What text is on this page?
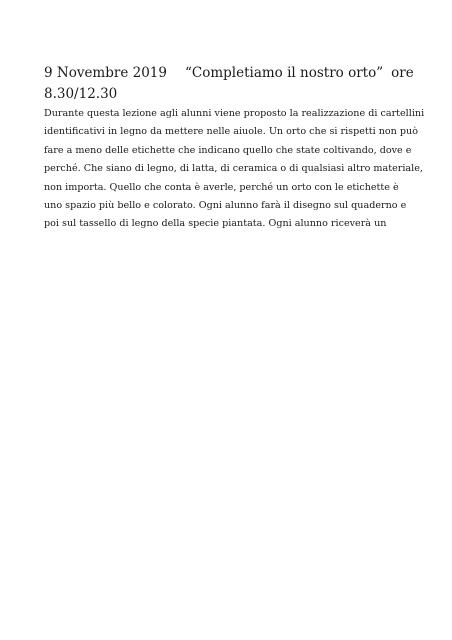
9 Novembre 2019 “Completiamo il nostro orto” ore
8.30/12.30

Durante questa lezione agli alunni viene proposto la realizzazione di cartellini
identificativi in legno da mettere nelle aiuole. Un orto che si rispetti non può
fare a meno delle etichette che indicano quello che state coltivando, dove e
perché. Che siano di legno, di latta, di ceramica o di qualsiasi altro materiale,
non importa. Quello che conta è averle, perché un orto con le etichette è
uno spazio più bello e colorato. Ogni alunno farà il disegno sul quaderno e
poi sul tassello di legno della specie piantata. Ogni alunno riceverà un
